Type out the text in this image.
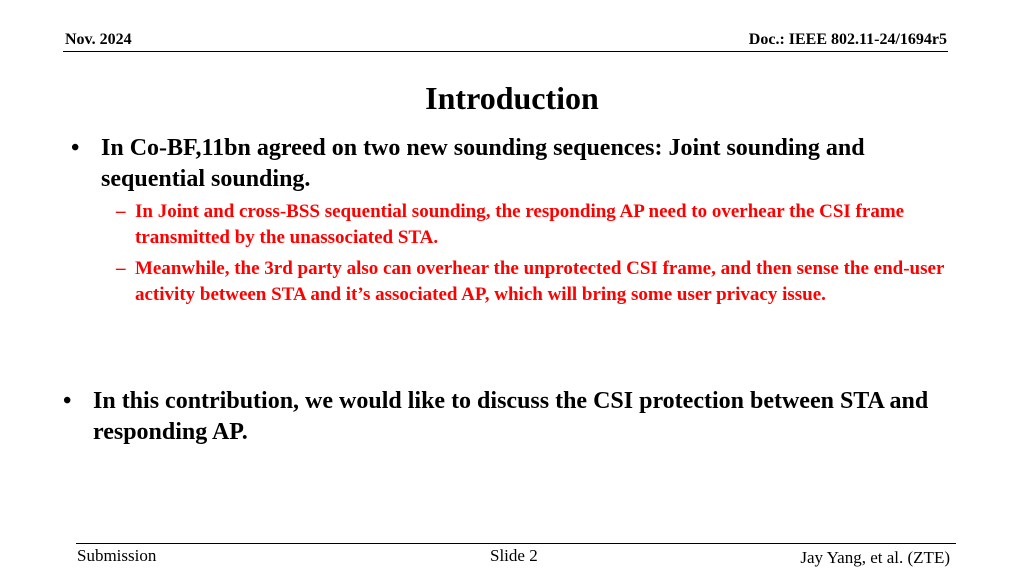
Nov. 2024	Doc.: IEEE 802.11-24/1694r5
Introduction
• In Co-BF,11bn agreed on two new sounding sequences: Joint sounding and sequential sounding.
– In Joint and cross-BSS sequential sounding, the responding AP need to overhear the CSI frame transmitted by the unassociated STA.
– Meanwhile, the 3rd party also can overhear the unprotected CSI frame, and then sense the end-user activity between STA and it’s associated AP, which will bring some user privacy issue.
• In this contribution, we would like to discuss the CSI protection between STA and responding AP.
Submission	Slide 2	Jay Yang, et al. (ZTE)
